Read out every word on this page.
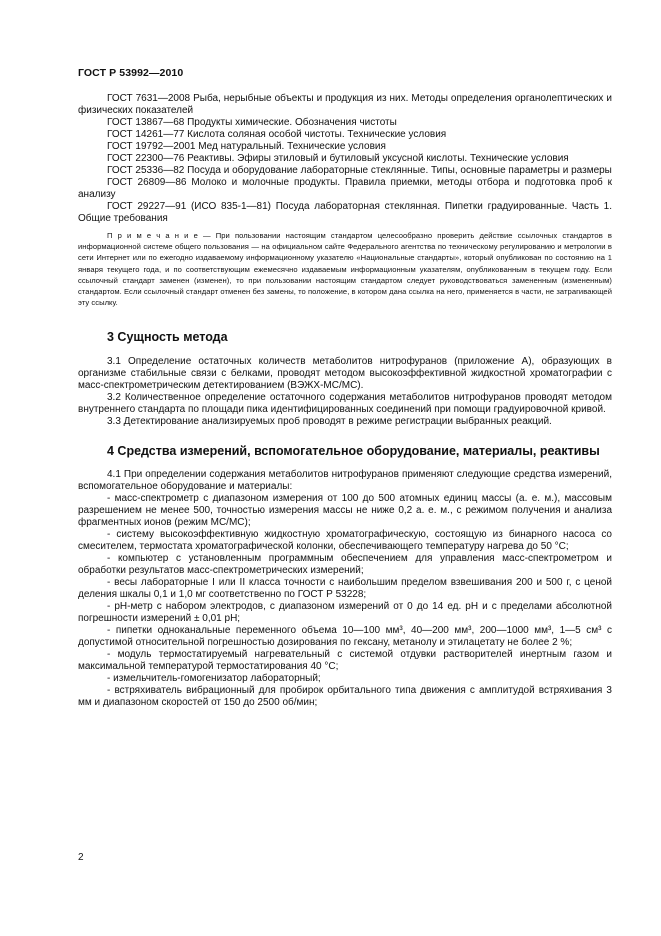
ГОСТ Р 53992—2010

ГОСТ 7631—2008 Рыба, нерыбные объекты и продукция из них. Методы определения органолептических и физических показателей

ГОСТ 13867—68 Продукты химические. Обозначения чистоты

ГОСТ 14261—77 Кислота соляная особой чистоты. Технические условия

ГОСТ 19792—2001 Мед натуральный. Технические условия

ГОСТ 22300—76 Реактивы. Эфиры этиловый и бутиловый уксусной кислоты. Технические условия

ГОСТ 25336—82 Посуда и оборудование лабораторные стеклянные. Типы, основные параметры и размеры

ГОСТ 26809—86 Молоко и молочные продукты. Правила приемки, методы отбора и подготовка проб к анализу

ГОСТ 29227—91 (ИСО 835-1—81) Посуда лабораторная стеклянная. Пипетки градуированные. Часть 1. Общие требования

П р и м е ч а н и е — При пользовании настоящим стандартом целесообразно проверить действие ссылочных стандартов в информационной системе общего пользования — на официальном сайте Федерального агентства по техническому регулированию и метрологии в сети Интернет или по ежегодно издаваемому информационному указателю «Национальные стандарты», который опубликован по состоянию на 1 января текущего года, и по соответствующим ежемесячно издаваемым информационным указателям, опубликованным в текущем году. Если ссылочный стандарт заменен (изменен), то при пользовании настоящим стандартом следует руководствоваться замененным (измененным) стандартом. Если ссылочный стандарт отменен без замены, то положение, в котором дана ссылка на него, применяется в части, не затрагивающей эту ссылку.

3 Сущность метода

3.1 Определение остаточных количеств метаболитов нитрофуранов (приложение А), образующих в организме стабильные связи с белками, проводят методом высокоэффективной жидкостной хроматографии с масс-спектрометрическим детектированием (ВЭЖХ-МС/МС).

3.2 Количественное определение остаточного содержания метаболитов нитрофуранов проводят методом внутреннего стандарта по площади пика идентифицированных соединений при помощи градуировочной кривой.

3.3 Детектирование анализируемых проб проводят в режиме регистрации выбранных реакций.

4 Средства измерений, вспомогательное оборудование, материалы, реактивы

4.1 При определении содержания метаболитов нитрофуранов применяют следующие средства измерений, вспомогательное оборудование и материалы:

- масс-спектрометр с диапазоном измерения от 100 до 500 атомных единиц массы (а. е. м.), массовым разрешением не менее 500, точностью измерения массы не ниже 0,2 а. е. м., с режимом получения и анализа фрагментных ионов (режим МС/МС);

- систему высокоэффективную жидкостную хроматографическую, состоящую из бинарного насоса со смесителем, термостата хроматографической колонки, обеспечивающего температуру нагрева до 50 °С;

- компьютер с установленным программным обеспечением для управления масс-спектрометром и обработки результатов масс-спектрометрических измерений;

- весы лабораторные I или II класса точности с наибольшим пределом взвешивания 200 и 500 г, с ценой деления шкалы 0,1 и 1,0 мг соответственно по ГОСТ Р 53228;

- рН-метр с набором электродов, с диапазоном измерений от 0 до 14 ед. рН и с пределами абсолютной погрешности измерений ± 0,01 рН;

- пипетки одноканальные переменного объема 10—100 мм³, 40—200 мм³, 200—1000 мм³, 1—5 см³ с допустимой относительной погрешностью дозирования по гексану, метанолу и этилацетату не более 2 %;

- модуль термостатируемый нагревательный с системой отдувки растворителей инертным газом и максимальной температурой термостатирования 40 °С;

- измельчитель-гомогенизатор лабораторный;

- встряхиватель вибрационный для пробирок орбитального типа движения с амплитудой встряхивания 3 мм и диапазоном скоростей от 150 до 2500 об/мин;

2
